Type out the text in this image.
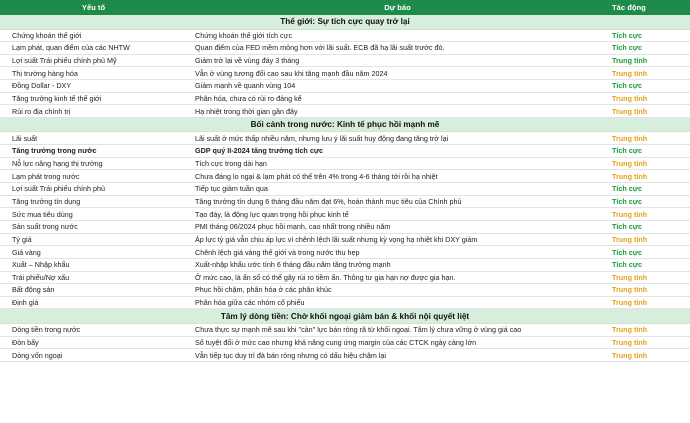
Yếu tố	Dự báo	Tác động
Thế giới: Sự tích cực quay trở lại		
Chứng khoán thế giới	Chứng khoán thế giới tích cực	Tích cực
Lạm phát, quan điểm của các NHTW	Quan điểm của FED mềm mỏng hơn với lãi suất. ECB đã hạ lãi suất trước đó.	Tích cực
Lợi suất Trái phiếu chính phủ Mỹ	Giảm trở lại về vùng đáy 3 tháng	Trung tính
Thị trường hàng hóa	Vẫn ở vùng tương đối cao sau khi tăng mạnh đầu năm 2024	Trung tính
Đồng Dollar - DXY	Giảm mạnh về quanh vùng 104	Tích cực
Tăng trưởng kinh tế thế giới	Phân hóa, chưa có rủi ro đáng kể	Trung tính
Rủi ro địa chính trị	Hạ nhiệt trong thời gian gần đây	Trung tính
Bối cảnh trong nước: Kinh tế phục hồi mạnh mẽ		
Lãi suất	Lãi suất ở mức thấp nhiều năm, nhưng lưu ý lãi suất huy động đang tăng trở lại	Trung tính
Tăng trưởng trong nước	GDP quý II-2024 tăng trưởng tích cực	Tích cực
Nỗ lực nâng hạng thị trường	Tích cực trong dài hạn	Trung tính
Lạm phát trong nước	Chưa đáng lo ngại & lạm phát có thể trên 4% trong 4-6 tháng tới rồi hạ nhiệt	Trung tính
Lợi suất Trái phiếu chính phủ	Tiếp tục giảm tuần qua	Tích cực
Tăng trưởng tín dụng	Tăng trưởng tín dụng 6 tháng đầu năm đạt 6%, hoàn thành mục tiêu của Chính phủ	Tích cực
Sức mua tiêu dùng	Tạo đáy, là động lực quan trọng hồi phục kinh tế	Trung tính
Sản suất trong nước	PMI tháng 06/2024 phục hồi mạnh, cao nhất trong nhiều năm	Tích cực
Tỷ giá	Áp lực tỷ giá vẫn chịu áp lực vì chênh lệch lãi suất nhưng kỳ vọng hạ nhiệt khi DXY giảm	Trung tính
Giá vàng	Chênh lệch giá vàng thế giới và trong nước thu hẹp	Tích cực
Xuất – Nhập khẩu	Xuất-nhập khẩu ước tính 6 tháng đầu năm tăng trưởng mạnh	Tích cực
Trái phiếu/Nợ xấu	Ở mức cao, là ẩn số có thể gây rủi ro tiềm ẩn. Thông tư gia hạn nợ được gia hạn.	Trung tính
Bất động sản	Phục hồi chậm, phân hóa ở các phân khúc	Trung tính
Định giá	Phân hóa giữa các nhóm cổ phiếu	Trung tính
Tâm lý dòng tiền: Chờ khối ngoại giảm bán & khối nội quyết liệt		
Dòng tiền trong nước	Chưa thực sự mạnh mẽ sau khi "cản" lực bán ròng rã từ khối ngoại. Tâm lý chưa vững ở vùng giá cao	Trung tính
Đòn bẩy	Số tuyệt đối ở mức cao nhưng khả năng cung ứng margin của các CTCK ngày càng lớn	Trung tính
Dòng vốn ngoại	Vẫn tiếp tục duy trì đà bán ròng nhưng có dấu hiệu chậm lại	Trung tính
